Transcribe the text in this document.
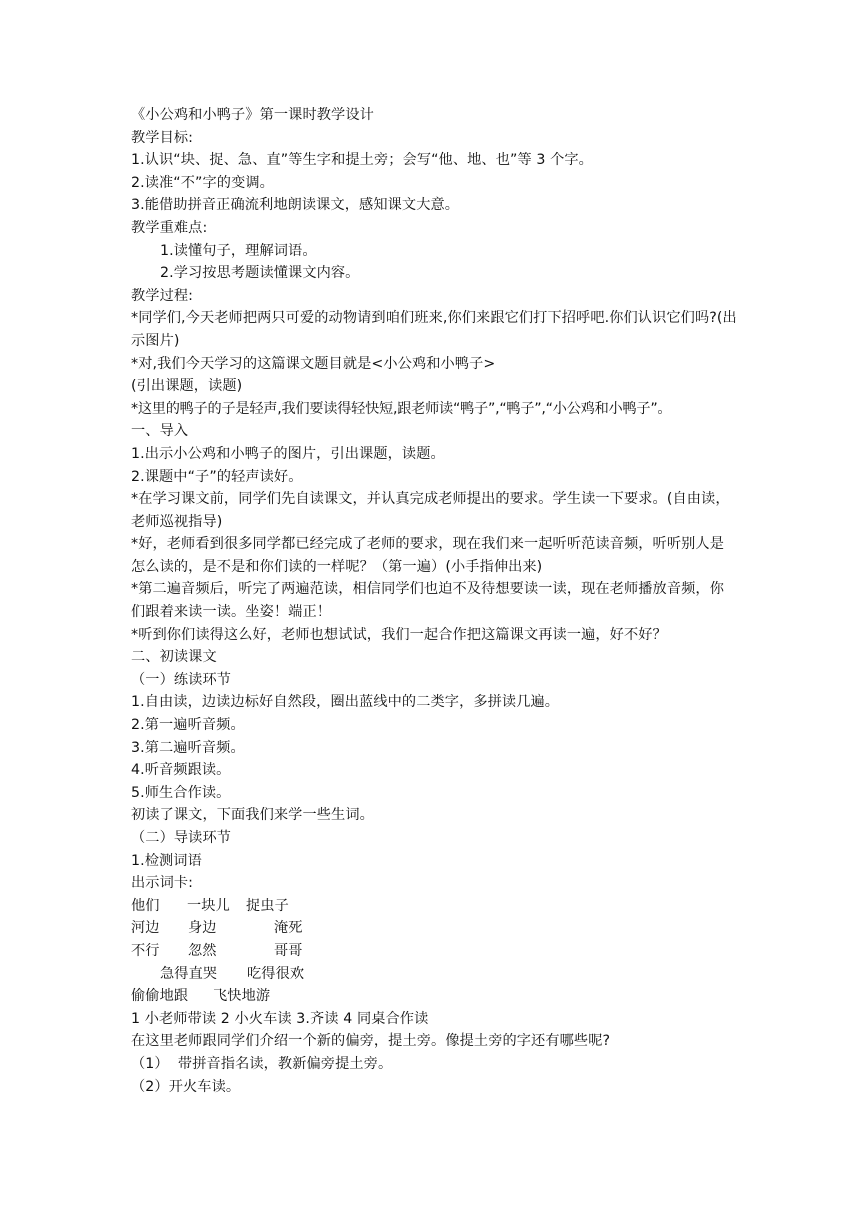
《小公鸡和小鸭子》第一课时教学设计

教学目标:

1.认识“块、捉、急、直”等生字和提土旁；会写“他、地、也”等 3 个字。

2.读准“不”字的变调。

3.能借助拼音正确流利地朗读课文，感知课文大意。

教学重难点:

1.读懂句子，理解词语。

2.学习按思考题读懂课文内容。

教学过程:

*同学们,今天老师把两只可爱的动物请到咱们班来,你们来跟它们打下招呼吧.你们认识它们吗?(出示图片)

*对,我们今天学习的这篇课文题目就是<小公鸡和小鸭子>

(引出课题，读题)

*这里的鸭子的子是轻声,我们要读得轻快短,跟老师读“鸭子”,“鸭子”,“小公鸡和小鸭子”。

一、导入

1.出示小公鸡和小鸭子的图片，引出课题，读题。

2.课题中“子”的轻声读好。

*在学习课文前，同学们先自读课文，并认真完成老师提出的要求。学生读一下要求。(自由读，老师巡视指导)

*好，老师看到很多同学都已经完成了老师的要求，现在我们来一起听听范读音频，听听别人是怎么读的，是不是和你们读的一样呢？（第一遍）(小手指伸出来)

*第二遍音频后，听完了两遍范读，相信同学们也迫不及待想要读一读，现在老师播放音频，你们跟着来读一读。坐姿！端正！

*听到你们读得这么好，老师也想试试，我们一起合作把这篇课文再读一遍，好不好？

二、初读课文

（一）练读环节

1.自由读，边读边标好自然段，圈出蓝线中的二类字，多拼读几遍。

2.第一遍听音频。

3.第二遍听音频。

4.听音频跟读。

5.师生合作读。

初读了课文，下面我们来学一些生词。

（二）导读环节

1.检测词语

出示词卡:

他们	一块儿	捉虫子
河边	身边	淹死
不行	忽然	哥哥
急得直哭	吃得很欢
偷偷地跟	飞快地游

1 小老师带读 2 小火车读 3.齐读 4 同桌合作读

在这里老师跟同学们介绍一个新的偏旁，提土旁。像提土旁的字还有哪些呢?

（1）  带拼音指名读，教新偏旁提土旁。

（2）开火车读。
